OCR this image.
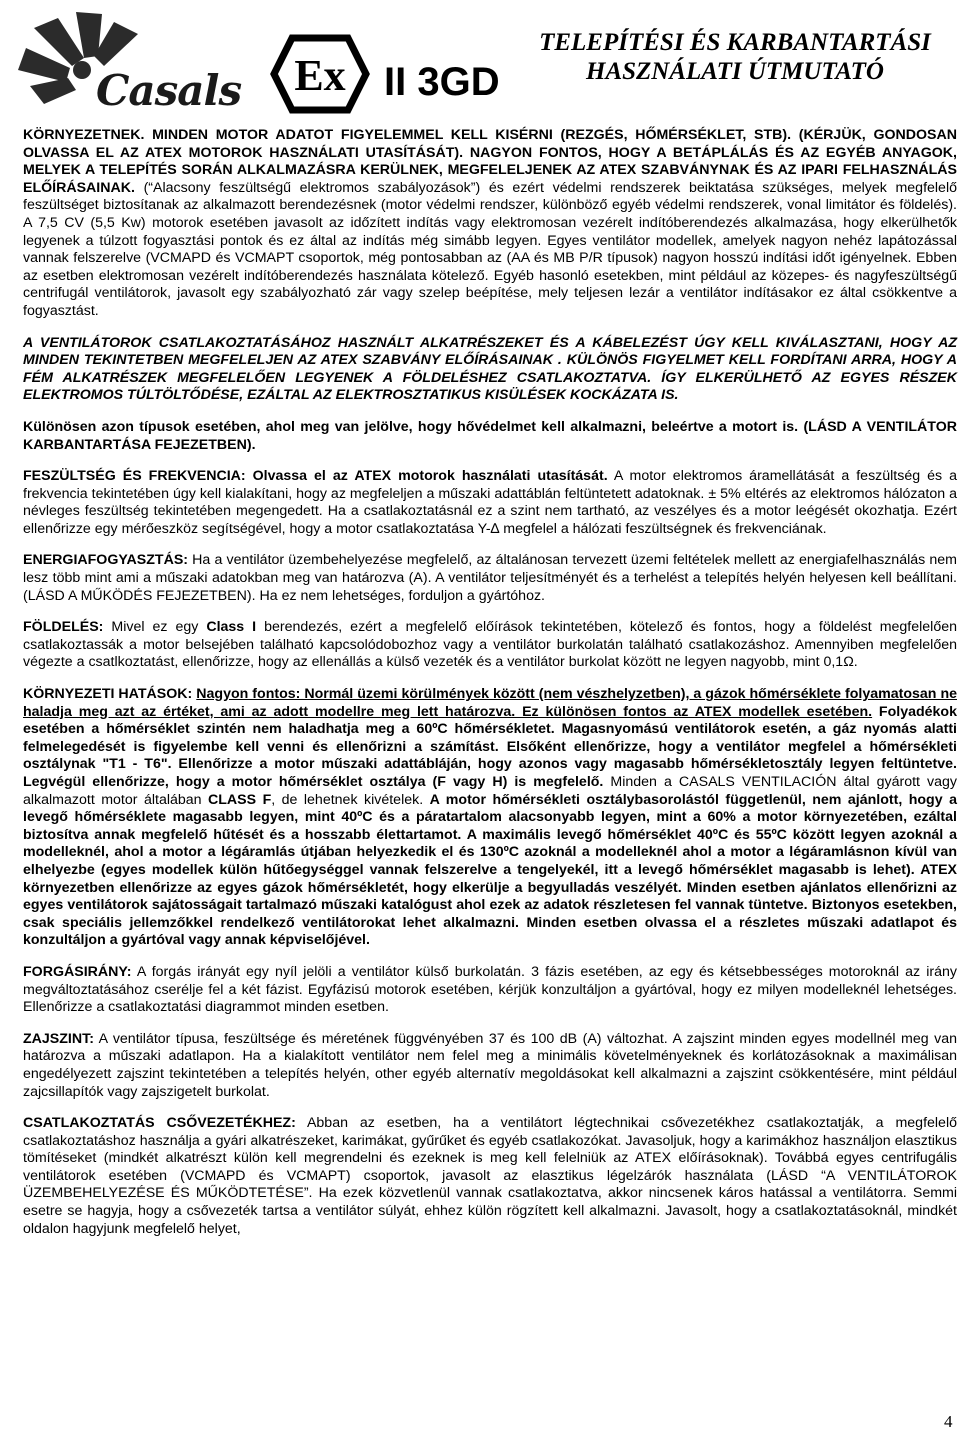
Casals Ex II 3GD
TELEPÍTÉSI ÉS KARBANTARTÁSI
HASZNÁLATI ÚTMUTATÓ

KÖRNYEZETNEK. MINDEN MOTOR ADATOT FIGYELEMMEL KELL KISÉRNI (REZGÉS, HŐMÉRSÉKLET, STB). (KÉRJÜK, GONDOSAN OLVASSA EL AZ ATEX MOTOROK HASZNÁLATI UTASÍTÁSÁT). NAGYON FONTOS, HOGY A BETÁPLÁLÁS ÉS AZ EGYÉB ANYAGOK, MELYEK A TELEPÍTÉS SORÁN ALKALMAZÁSRA KERÜLNEK, MEGFELELJENEK AZ ATEX SZABVÁNYNAK ÉS AZ IPARI FELHASZNÁLÁS ELŐÍRÁSAINAK. (“Alacsony feszültségű elektromos szabályozások”) és ezért védelmi rendszerek beiktatása szükséges, melyek megfelelő feszültséget biztosítanak az alkalmazott berendezésnek (motor védelmi rendszer, különböző egyéb védelmi rendszerek, vonal limitátor és földelés). A 7,5 CV (5,5 Kw) motorok esetében javasolt az időzített indítás vagy elektromosan vezérelt indítóberendezés alkalmazása, hogy elkerülhetők legyenek a túlzott fogyasztási pontok és ez által az indítás még simább legyen. Egyes ventilátor modellek, amelyek nagyon nehéz lapátozással vannak felszerelve (VCMAPD és VCMAPT csoportok, még pontosabban az (AA és MB P/R típusok) nagyon hosszú indítási időt igényelnek. Ebben az esetben elektromosan vezérelt indítóberendezés használata kötelező. Egyéb hasonló esetekben, mint például az közepes- és nagyfeszültségű centrifugál ventilátorok, javasolt egy szabályozható zár vagy szelep beépítése, mely teljesen lezár a ventilátor indításakor ez által csökkentve a fogyasztást.

A VENTILÁTOROK CSATLAKOZTATÁSÁHOZ HASZNÁLT ALKATRÉSZEKET ÉS A KÁBELEZÉST ÚGY KELL KIVÁLASZTANI, HOGY AZ MINDEN TEKINTETBEN MEGFELELJEN AZ ATEX SZABVÁNY ELŐÍRÁSAINAK . KÜLÖNÖS FIGYELMET KELL FORDÍTANI ARRA, HOGY A FÉM ALKATRÉSZEK MEGFELELŐEN LEGYENEK A FÖLDELÉSHEZ CSATLAKOZTATVA. ÍGY ELKERÜLHETŐ AZ EGYES RÉSZEK ELEKTROMOS TÚLTÖLTŐDÉSE, EZÁLTAL AZ ELEKTROSZTATIKUS KISÜLÉSEK KOCKÁZATA IS.

Különösen azon típusok esetében, ahol meg van jelölve, hogy hővédelmet kell alkalmazni, beleértve a motort is. (LÁSD A VENTILÁTOR KARBANTARTÁSA FEJEZETBEN).

FESZÜLTSÉG ÉS FREKVENCIA: Olvassa el az ATEX motorok használati utasítását. A motor elektromos áramellátását a feszültség és a frekvencia tekintetében úgy kell kialakítani, hogy az megfeleljen a műszaki adattáblán feltüntetett adatoknak. ± 5% eltérés az elektromos hálózaton a névleges feszültség tekintetében megengedett. Ha a csatlakoztatásnál ez a szint nem tartható, az veszélyes és a motor leégését okozhatja. Ezért ellenőrizze egy mérőeszköz segítségével, hogy a motor csatlakoztatása Y-∆ megfelel a hálózati feszültségnek és frekvenciának.

ENERGIAFOGYASZTÁS: Ha a ventilátor üzembehelyezése megfelelő, az általánosan tervezett üzemi feltételek mellett az energiafelhasználás nem lesz több mint ami a műszaki adatokban meg van határozva (A). A ventilátor teljesítményét és a terhelést a telepítés helyén helyesen kell beállítani. (LÁSD A MŰKÖDÉS FEJEZETBEN). Ha ez nem lehetséges, forduljon a gyártóhoz.

FÖLDELÉS: Mivel ez egy Class I berendezés, ezért a megfelelő előírások tekintetében, kötelező és fontos, hogy a földelést megfelelően csatlakoztassák a motor belsejében található kapcsolódobozhoz vagy a ventilátor burkolatán található csatlakozáshoz. Amennyiben megfelelően végezte a csatlkoztatást, ellenőrizze, hogy az ellenállás a külső vezeték és a ventilátor burkolat között ne legyen nagyobb, mint 0,1Ω.

KÖRNYEZETI HATÁSOK: Nagyon fontos: Normál üzemi körülmények között (nem vészhelyzetben), a gázok hőmérséklete folyamatosan ne haladja meg azt az értéket, ami az adott modellre meg lett határozva. Ez különösen fontos az ATEX modellek esetében. Folyadékok esetében a hőmérséklet szintén nem haladhatja meg a 60ºC hőmérsékletet. Magasnyomású ventilátorok esetén, a gáz nyomás alatti felmelegedését is figyelembe kell venni és ellenőrizni a számítást. Elsőként ellenőrizze, hogy a ventilátor megfelel a hőmérsékleti osztálynak "T1 - T6". Ellenőrizze a motor műszaki adattábláján, hogy azonos vagy magasabb hőmérsékletosztály legyen feltüntetve. Legvégül ellenőrizze, hogy a motor hőmérséklet osztálya (F vagy H) is megfelelő. Minden a CASALS VENTILACIÓN által gyárott vagy alkalmazott motor általában CLASS F, de lehetnek kivételek. A motor hőmérsékleti osztálybasorolástól függetlenül, nem ajánlott, hogy a levegő hőmérséklete magasabb legyen, mint 40ºC és a páratartalom alacsonyabb legyen, mint a 60% a motor környezetében, ezáltal biztosítva annak megfelelő hűtését és a hosszabb élettartamot. A maximális levegő hőmérséklet 40ºC és 55ºC között legyen azoknál a modelleknél, ahol a motor a légáramlás útjában helyezkedik el és 130ºC azoknál a modelleknél ahol a motor a légáramlásnon kívül van elhelyezbe (egyes modellek külön hűtőegységgel vannak felszerelve a tengelyekél, itt a levegő hőmérséklet magasabb is lehet). ATEX környezetben ellenőrizze az egyes gázok hőmérsékletét, hogy elkerülje a begyulladás veszélyét. Minden esetben ajánlatos ellenőrizni az egyes ventilátorok sajátosságait tartalmazó műszaki katalógust ahol ezek az adatok részletesen fel vannak tüntetve. Biztonyos esetekben, csak speciális jellemzőkkel rendelkező ventilátorokat lehet alkalmazni. Minden esetben olvassa el a részletes műszaki adatlapot és konzultáljon a gyártóval vagy annak képviselőjével.

FORGÁSIRÁNY: A forgás irányát egy nyíl jelöli a ventilátor külső burkolatán. 3 fázis esetében, az egy és kétsebbességes motoroknál az irány megváltoztatásához cserélje fel a két fázist. Egyfázisú motorok esetében, kérjük konzultáljon a gyártóval, hogy ez milyen modelleknél lehetséges. Ellenőrizze a csatlakoztatási diagrammot minden esetben.

ZAJSZINT: A ventilátor típusa, feszültsége és méretének függvényében 37 és 100 dB (A) változhat. A zajszint minden egyes modellnél meg van határozva a műszaki adatlapon. Ha a kialakított ventilátor nem felel meg a minimális követelményeknek és korlátozásoknak a maximálisan engedélyezett zajszint tekintetében a telepítés helyén, other egyéb alternatív megoldásokat kell alkalmazni a zajszint csökkentésére, mint például zajcsillapítók vagy zajszigetelt burkolat.

CSATLAKOZTATÁS CSŐVEZETÉKHEZ: Abban az esetben, ha a ventilátort légtechnikai csővezetékhez csatlakoztatják, a megfelelő csatlakoztatáshoz használja a gyári alkatrészeket, karimákat, gyűrűket és egyéb csatlakozókat. Javasoljuk, hogy a karimákhoz használjon elasztikus tömítéseket (mindkét alkatrészt külön kell megrendelni és ezeknek is meg kell felelniük az ATEX előírásoknak). Továbbá egyes centrifugális ventilátorok esetében (VCMAPD és VCMAPT) csoportok, javasolt az elasztikus légelzárók használata (LÁSD “A VENTILÁTOROK ÜZEMBEHELYEZÉSE ÉS MŰKÖDTETÉSE”. Ha ezek közvetlenül vannak csatlakoztatva, akkor nincsenek káros hatással a ventilátorra. Semmi esetre se hagyja, hogy a csővezeték tartsa a ventilátor súlyát, ehhez külön rögzített kell alkalmazni. Javasolt, hogy a csatlakoztatásoknál, mindkét oldalon hagyjunk megfelelő helyet,

4
